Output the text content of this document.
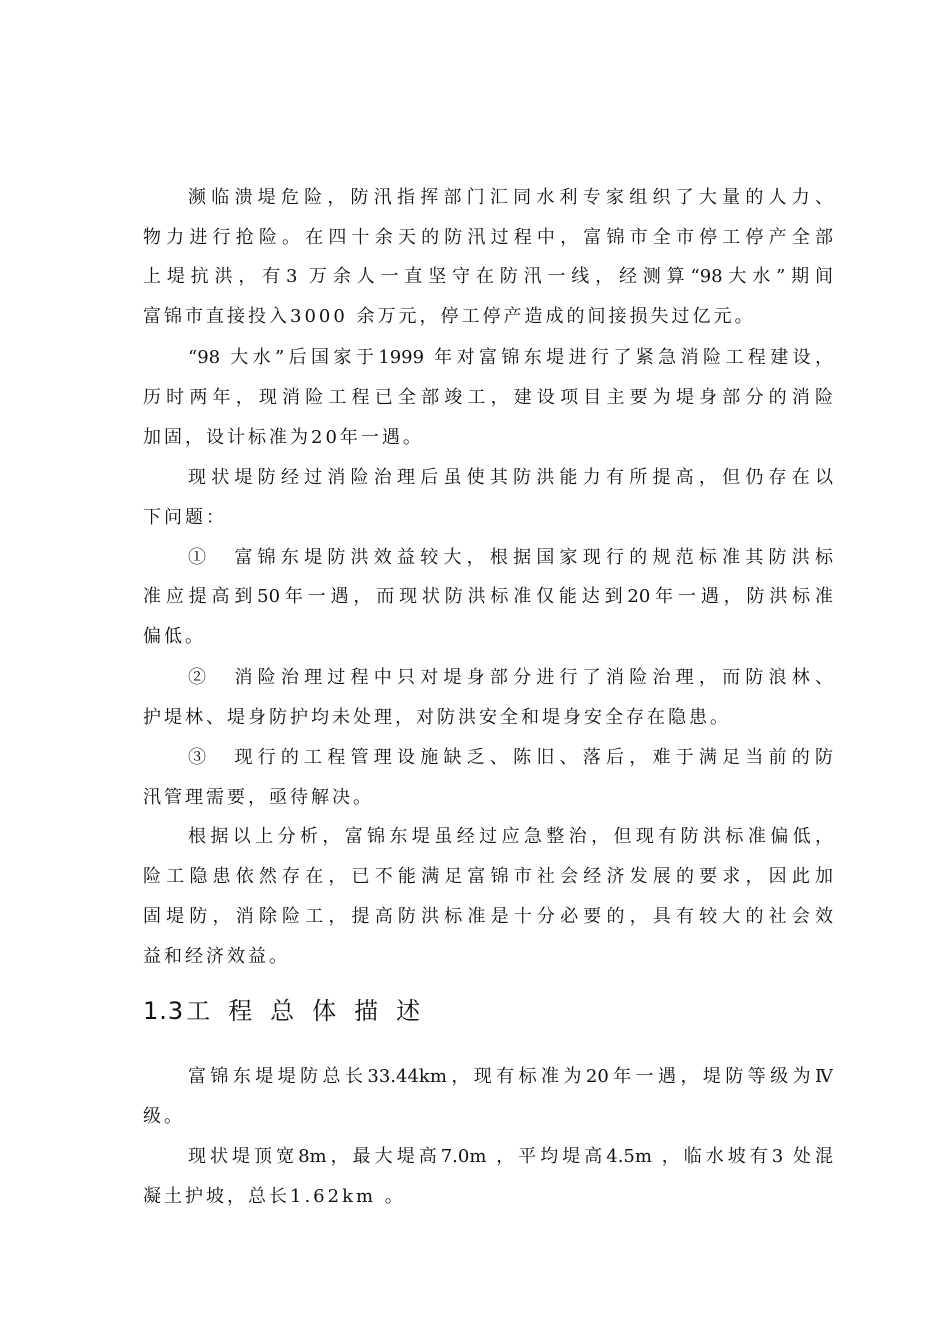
濒临溃堤危险，防汛指挥部门汇同水利专家组织了大量的人力、
物力进行抢险。在四十余天的防汛过程中，富锦市全市停工停产全部
上堤抗洪，有3 万余人一直坚守在防汛一线，经测算“98大水”期间
富锦市直接投入3000 余万元，停工停产造成的间接损失过亿元。
“98 大水”后国家于1999 年对富锦东堤进行了紧急消险工程建设，
历时两年，现消险工程已全部竣工，建设项目主要为堤身部分的消险
加固，设计标准为20年一遇。
现状堤防经过消险治理后虽使其防洪能力有所提高，但仍存在以
下问题：
①　富锦东堤防洪效益较大，根据国家现行的规范标准其防洪标
准应提高到50年一遇，而现状防洪标准仅能达到20年一遇，防洪标准
偏低。
②　消险治理过程中只对堤身部分进行了消险治理，而防浪林、
护堤林、堤身防护均未处理，对防洪安全和堤身安全存在隐患。
③　现行的工程管理设施缺乏、陈旧、落后，难于满足当前的防
汛管理需要，亟待解决。
根据以上分析，富锦东堤虽经过应急整治，但现有防洪标准偏低，
险工隐患依然存在，已不能满足富锦市社会经济发展的要求，因此加
固堤防，消除险工，提高防洪标准是十分必要的，具有较大的社会效
益和经济效益。
1.3工程总体描述
富锦东堤堤防总长33.44km，现有标准为20年一遇，堤防等级为Ⅳ
级。
现状堤顶宽8m，最大堤高7.0m ，平均堤高4.5m ，临水坡有3 处混
凝土护坡，总长1.62km 。
